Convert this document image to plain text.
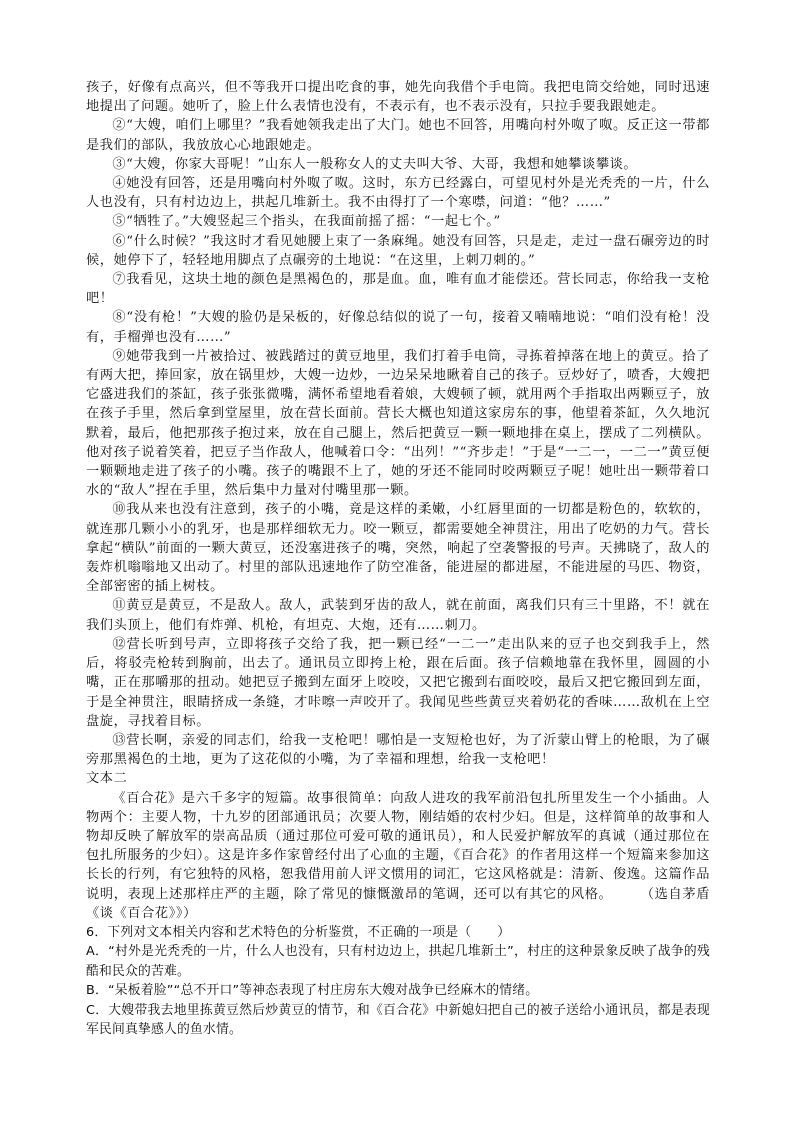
孩子，好像有点高兴，但不等我开口提出吃食的事，她先向我借个手电筒。我把电筒交给她，同时迅速地提出了问题。她听了，脸上什么表情也没有，不表示有，也不表示没有，只拉手要我跟她走。

②“大嫂，咱们上哪里？”我看她领我走出了大门。她也不回答，用嘴向村外呶了呶。反正这一带都是我们的部队，我放放心心地跟她走。

③“大嫂，你家大哥呢！”山东人一般称女人的丈夫叫大爷、大哥，我想和她攀谈攀谈。

④她没有回答，还是用嘴向村外呶了呶。这时，东方已经露白，可望见村外是光秃秃的一片，什么人也没有，只有村边边上，拱起几堆新土。我不由得打了一个寒噤，问道：“他？……”

⑤“牺牲了。”大嫂竖起三个指头，在我面前摇了摇：“一起七个。”

⑥“什么时候？”我这时才看见她腰上束了一条麻绳。她没有回答，只是走，走过一盘石碾旁边的时候，她停下了，轻轻地用脚点了点碾旁的土地说：“在这里，上刺刀刺的。”

⑦我看见，这块土地的颜色是黑褐色的，那是血。血，唯有血才能偿还。营长同志，你给我一支枪吧！

⑧“没有枪！”大嫂的脸仍是呆板的，好像总结似的说了一句，接着又喃喃地说：“咱们没有枪！没有，手榴弹也没有……”

⑨她带我到一片被拾过、被践踏过的黄豆地里，我们打着手电筒，寻拣着掉落在地上的黄豆。拾了有两大把，捧回家，放在锅里炒，大嫂一边炒，一边呆呆地瞅着自己的孩子。豆炒好了，喷香，大嫂把它盛进我们的茶缸，孩子张张微嘴，满怀希望地看着娘，大嫂顿了顿，就用两个手指取出两颗豆子，放在孩子手里，然后拿到堂屋里，放在营长面前。营长大概也知道这家房东的事，他望着茶缸，久久地沉默着，最后，他把那孩子抱过来，放在自己腿上，然后把黄豆一颗一颗地排在桌上，摆成了二列横队。他对孩子说着笑着，把豆子当作敌人，他喊着口令：“出列！”“齐步走！”于是“一二一，一二一”黄豆便一颗颗地走进了孩子的小嘴。孩子的嘴跟不上了，她的牙还不能同时咬两颗豆子呢！她吐出一颗带着口水的“敌人”捏在手里，然后集中力量对付嘴里那一颗。

⑩我从来也没有注意到，孩子的小嘴，竟是这样的柔嫩，小红唇里面的一切都是粉色的，软软的，就连那几颗小小的乳牙，也是那样细软无力。咬一颗豆，都需要她全神贯注，用出了吃奶的力气。营长拿起“横队”前面的一颗大黄豆，还没塞进孩子的嘴，突然，响起了空袭警报的号声。天拂晓了，敌人的轰炸机嗡嗡地又出动了。村里的部队迅速地作了防空准备，能进屋的都进屋，不能进屋的马匹、物资，全部密密的插上树枝。

⑪黄豆是黄豆，不是敌人。敌人，武装到牙齿的敌人，就在前面，离我们只有三十里路，不！就在我们头顶上，他们有炸弹、机枪，有坦克、大炮，还有……刺刀。

⑫营长听到号声，立即将孩子交给了我，把一颗已经“一二一”走出队来的豆子也交到我手上，然后，将驳壳枪转到胸前，出去了。通讯员立即挎上枪，跟在后面。孩子信赖地靠在我怀里，圆圆的小嘴，正在那嚼那的扭动。她把豆子搬到左面牙上咬咬，又把它搬到右面咬咬，最后又把它搬回到左面，于是全神贯注，眼睛挤成一条缝，才咔嚓一声咬开了。我闻见些些黄豆夹着奶花的香味……敌机在上空盘旋，寻找着目标。

⑬营长啊，亲爱的同志们，给我一支枪吧！哪怕是一支短枪也好，为了沂蒙山臂上的枪眼，为了碾旁那黑褐色的土地，更为了这花似的小嘴，为了幸福和理想，给我一支枪吧！

文本二

《百合花》是六千多字的短篇。故事很简单：向敌人进攻的我军前沿包扎所里发生一个小插曲。人物两个：主要人物，十九岁的团部通讯员；次要人物，刚结婚的农村少妇。但是，这样简单的故事和人物却反映了解放军的崇高品质（通过那位可爱可敬的通讯员），和人民爱护解放军的真诚（通过那位在包扎所服务的少妇）。这是许多作家曾经付出了心血的主题，《百合花》的作者用这样一个短篇来参加这长长的行列，有它独特的风格，恕我借用前人评文惯用的词汇，它这风格就是：清新、俊逸。这篇作品说明，表现上述那样庄严的主题，除了常见的慷慨激昂的笔调，还可以有其它的风格。　　　	（选自茅盾《谈《百合花》》）

6．下列对文本相关内容和艺术特色的分析鉴赏，不正确的一项是（　　）

A．“村外是光秃秃的一片，什么人也没有，只有村边边上，拱起几堆新土”，村庄的这种景象反映了战争的残酷和民众的苦难。

B．“呆板着脸”“总不开口”等神态表现了村庄房东大嫂对战争已经麻木的情绪。

C．大嫂带我去地里拣黄豆然后炒黄豆的情节，和《百合花》中新媳妇把自己的被子送给小通讯员，都是表现军民间真挚感人的鱼水情。
